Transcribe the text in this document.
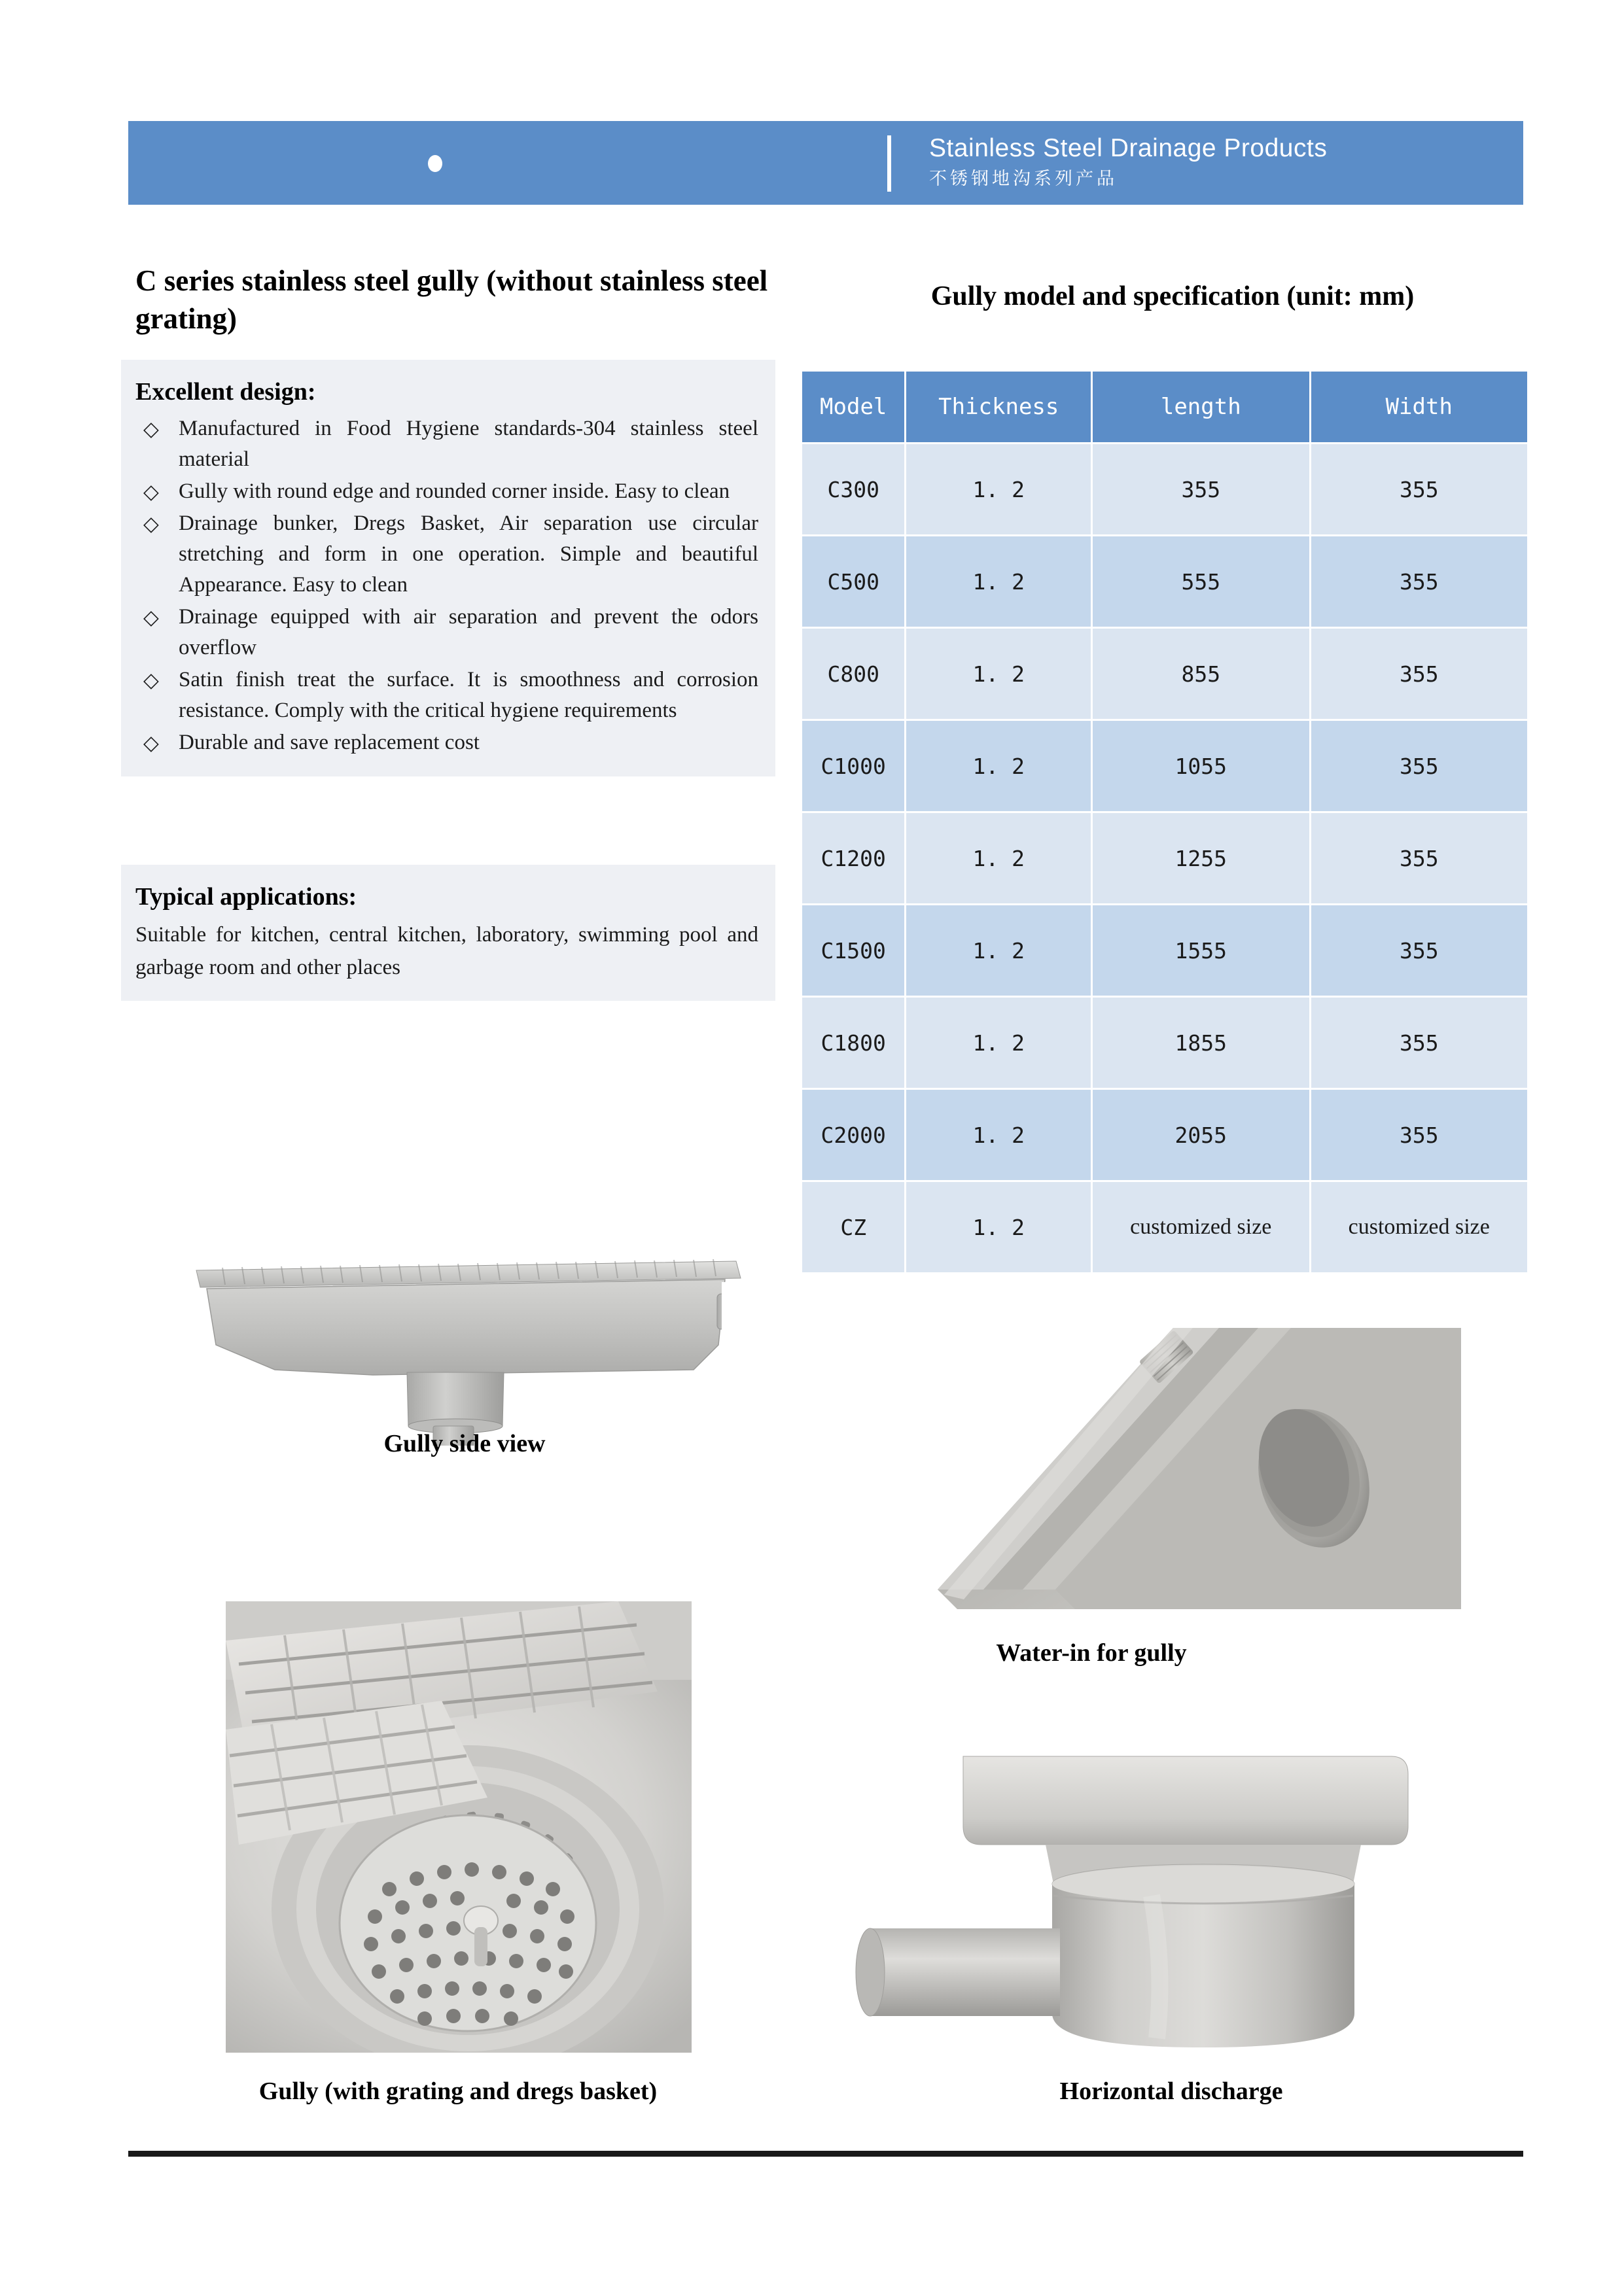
Stainless Steel Drainage Products
不锈钢地沟系列产品
C series stainless steel gully (without stainless steel grating)
Excellent design:
◇ Manufactured in Food Hygiene standards-304 stainless steel material
◇ Gully with round edge and rounded corner inside. Easy to clean
◇ Drainage bunker, Dregs Basket, Air separation use circular stretching and form in one operation. Simple and beautiful Appearance. Easy to clean
◇ Drainage equipped with air separation and prevent the odors overflow
◇ Satin finish treat the surface. It is smoothness and corrosion resistance. Comply with the critical hygiene requirements
◇ Durable and save replacement cost
Typical applications:
Suitable for kitchen, central kitchen, laboratory, swimming pool and garbage room and other places
Gully model and specification (unit: mm)
Model	Thickness	length	Width
C300	1. 2	355	355
C500	1. 2	555	355
C800	1. 2	855	355
C1000	1. 2	1055	355
C1200	1. 2	1255	355
C1500	1. 2	1555	355
C1800	1. 2	1855	355
C2000	1. 2	2055	355
CZ	1. 2	customized size	customized size
Gully side view
Water-in for gully
Gully (with grating and dregs basket)	Horizontal discharge
